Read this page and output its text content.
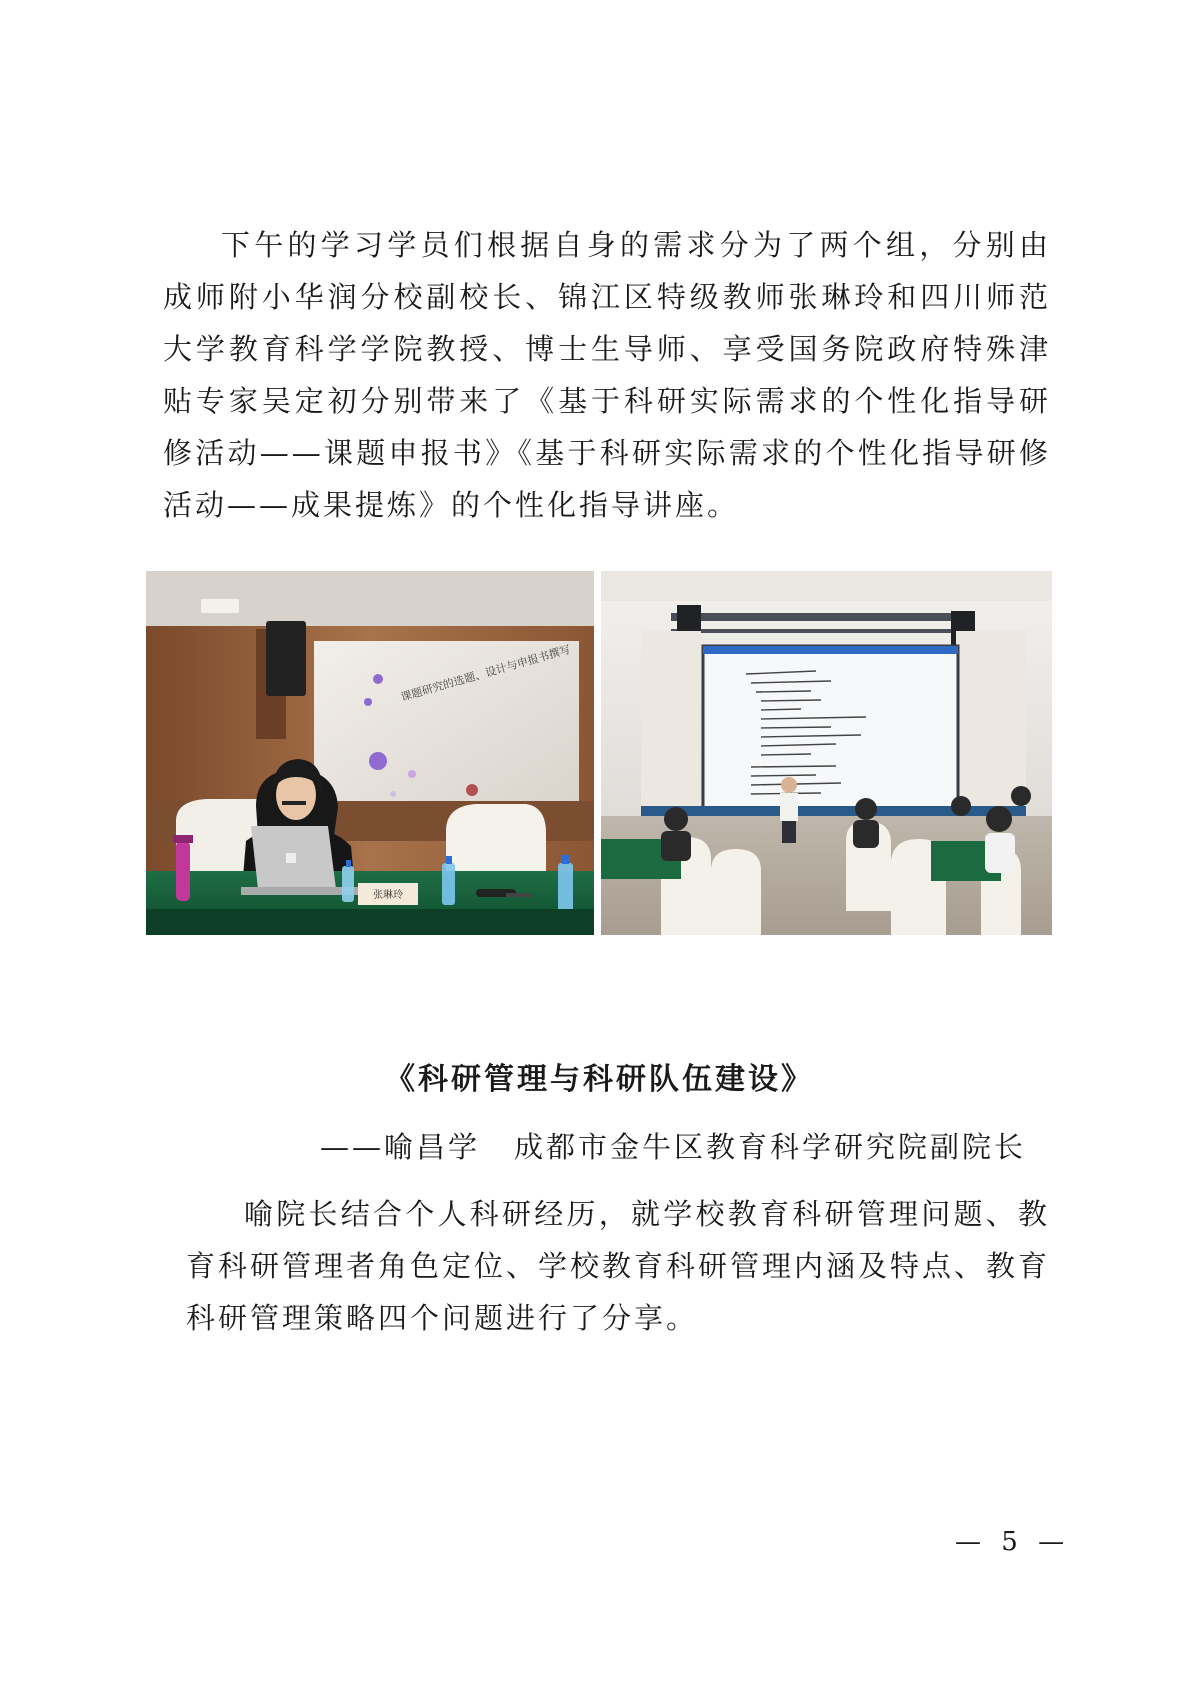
下午的学习学员们根据自身的需求分为了两个组，分别由成师附小华润分校副校长、锦江区特级教师张琳玲和四川师范大学教育科学学院教授、博士生导师、享受国务院政府特殊津贴专家吴定初分别带来了《基于科研实际需求的个性化指导研修活动——课题申报书》《基于科研实际需求的个性化指导研修活动——成果提炼》的个性化指导讲座。

课题研究的选题、设计与申报书撰写
张琳玲
《科研管理与科研队伍建设》

——喻昌学 成都市金牛区教育科学研究院副院长

喻院长结合个人科研经历，就学校教育科研管理问题、教育科研管理者角色定位、学校教育科研管理内涵及特点、教育科研管理策略四个问题进行了分享。

— 5 —
